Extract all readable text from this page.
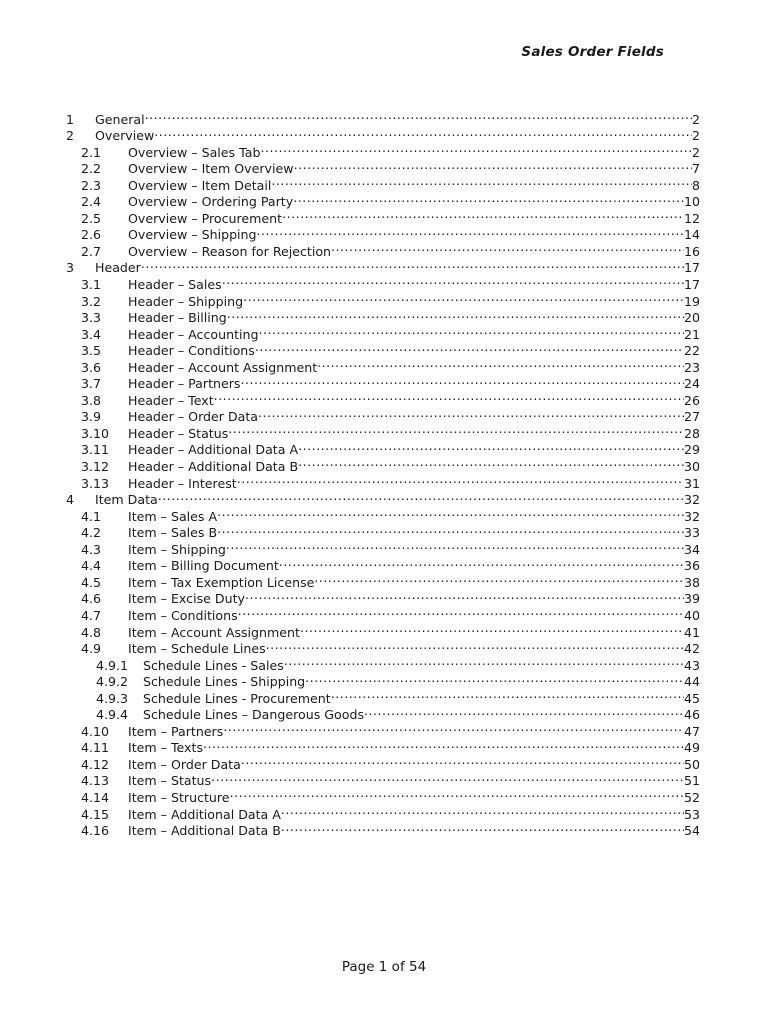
Sales Order Fields
1	General .....	2
2	Overview .....	2
2.1	Overview – Sales Tab .....	2
2.2	Overview – Item Overview .....	7
2.3	Overview – Item Detail .....	8
2.4	Overview – Ordering Party .....	10
2.5	Overview – Procurement .....	12
2.6	Overview – Shipping .....	14
2.7	Overview – Reason for Rejection .....	16
3	Header .....	17
3.1	Header – Sales .....	17
3.2	Header – Shipping .....	19
3.3	Header – Billing .....	20
3.4	Header – Accounting .....	21
3.5	Header – Conditions .....	22
3.6	Header – Account Assignment .....	23
3.7	Header – Partners .....	24
3.8	Header – Text .....	26
3.9	Header – Order Data .....	27
3.10	Header – Status .....	28
3.11	Header – Additional Data A .....	29
3.12	Header – Additional Data B .....	30
3.13	Header – Interest .....	31
4	Item Data .....	32
4.1	Item – Sales A .....	32
4.2	Item – Sales B .....	33
4.3	Item – Shipping .....	34
4.4	Item – Billing Document .....	36
4.5	Item – Tax Exemption License .....	38
4.6	Item – Excise Duty .....	39
4.7	Item – Conditions .....	40
4.8	Item – Account Assignment .....	41
4.9	Item – Schedule Lines .....	42
4.9.1	Schedule Lines - Sales .....	43
4.9.2	Schedule Lines - Shipping .....	44
4.9.3	Schedule Lines - Procurement .....	45
4.9.4	Schedule Lines – Dangerous Goods .....	46
4.10	Item – Partners .....	47
4.11	Item – Texts .....	49
4.12	Item – Order Data .....	50
4.13	Item – Status .....	51
4.14	Item – Structure .....	52
4.15	Item – Additional Data A .....	53
4.16	Item – Additional Data B .....	54
Page 1 of 54
